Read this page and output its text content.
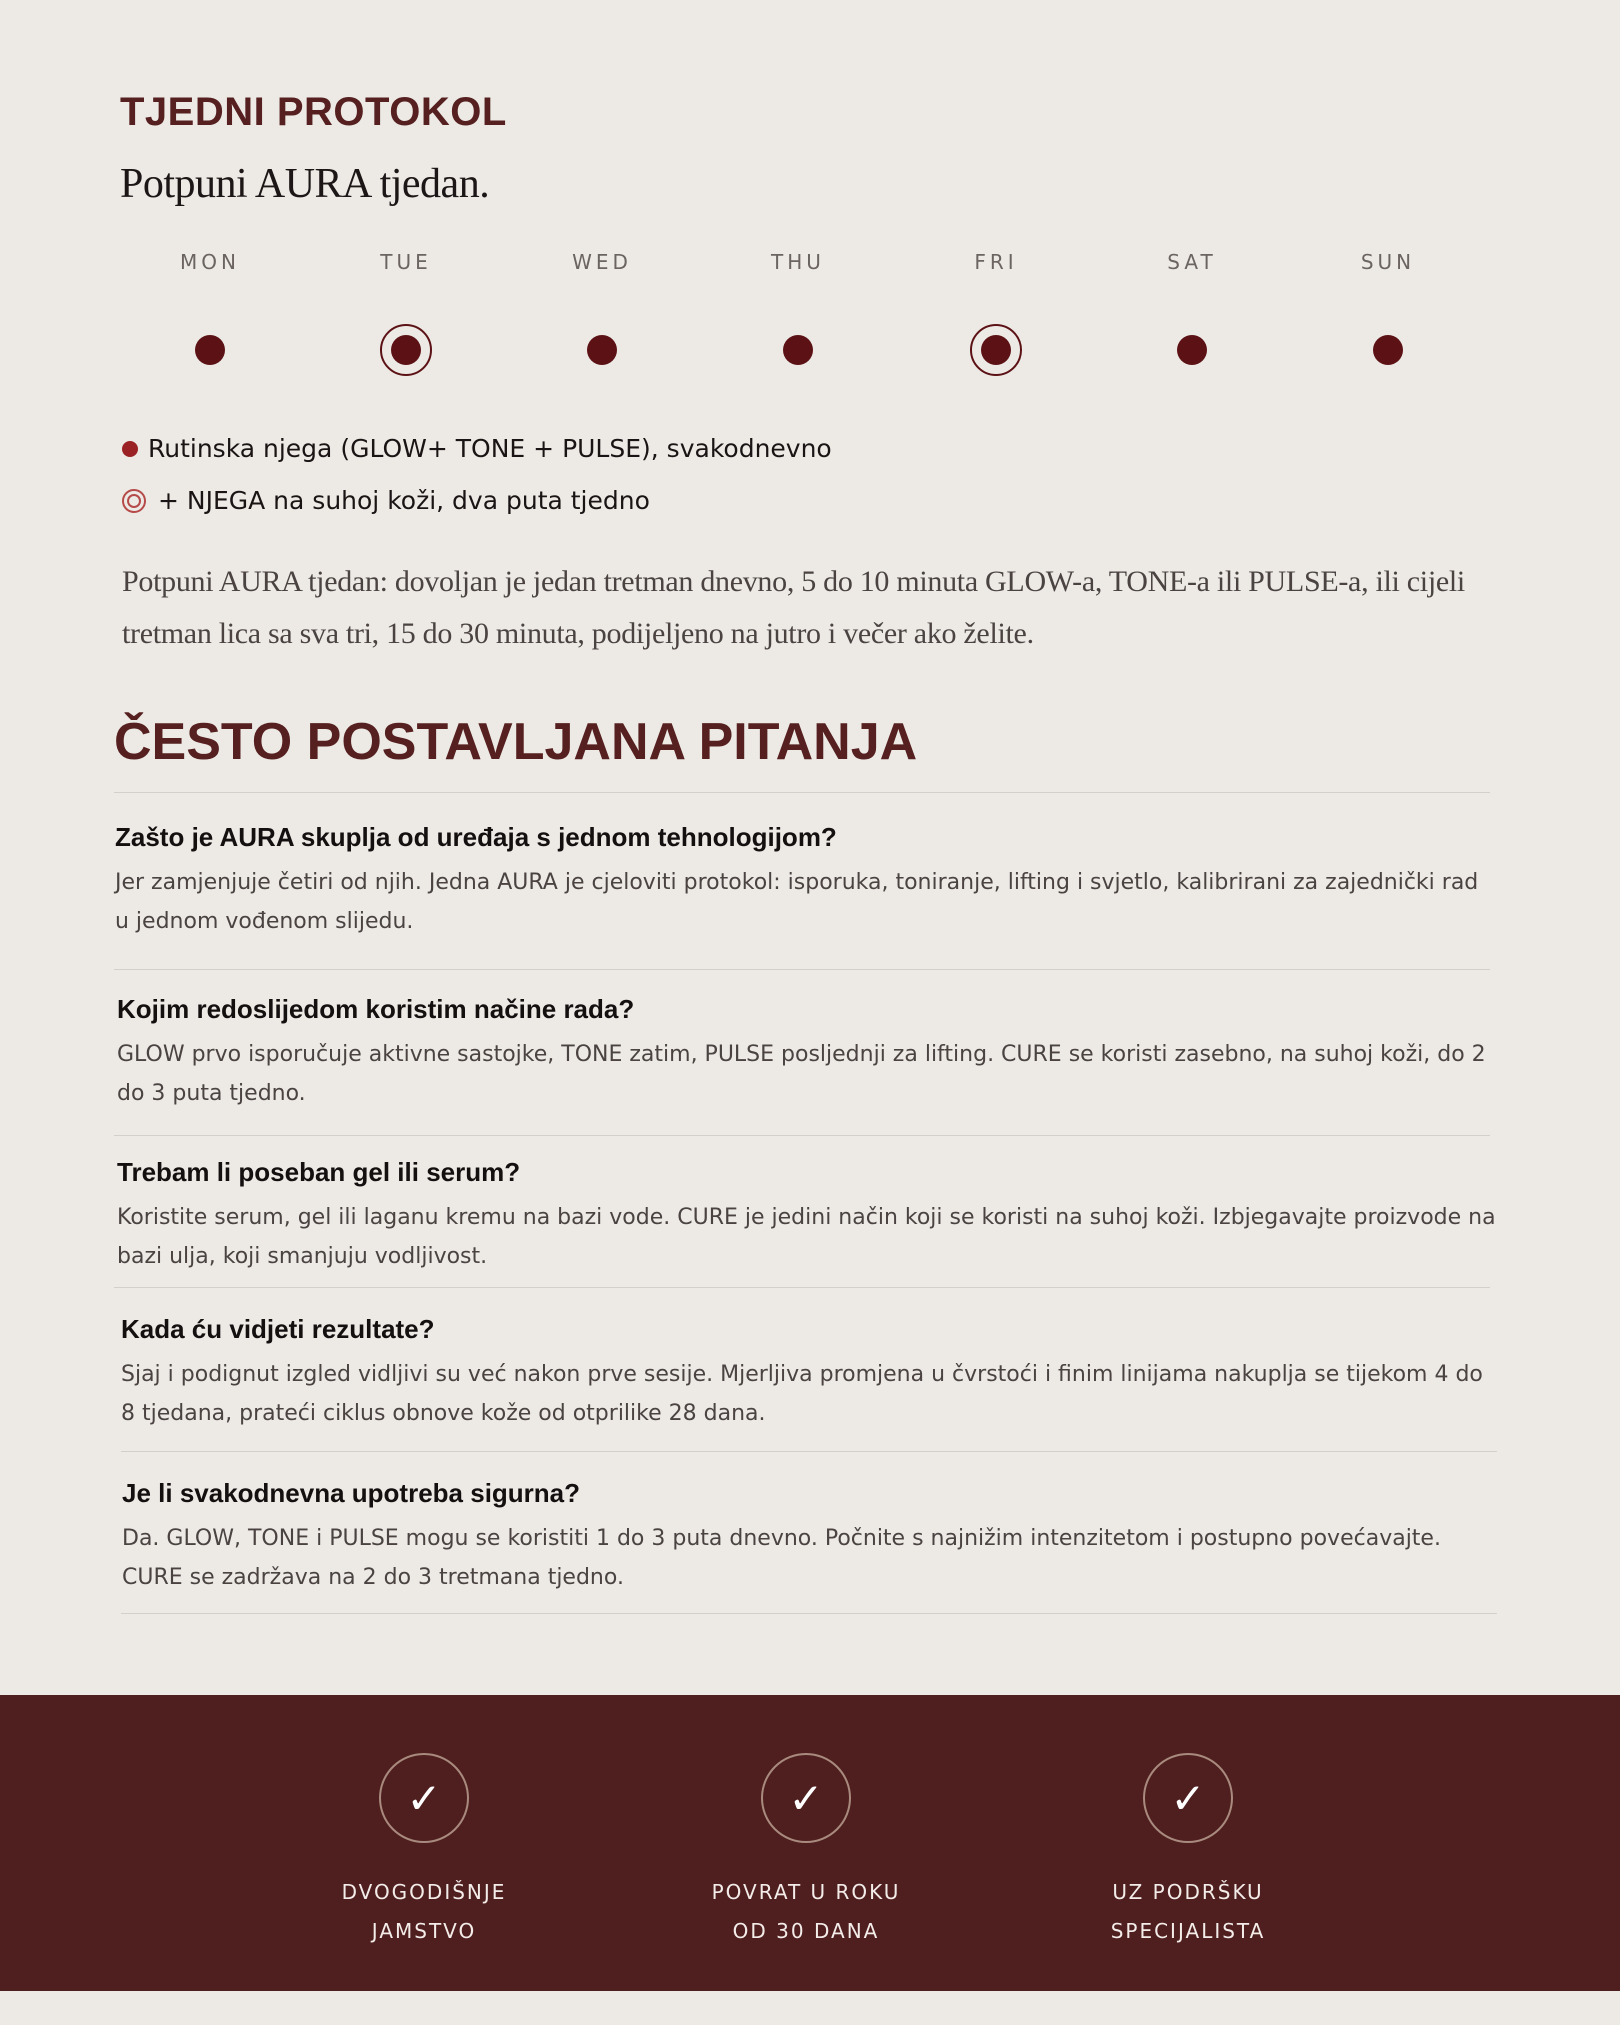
TJEDNI PROTOKOL
Potpuni AURA tjedan.
MON	TUE	WED	THU	FRI	SAT	SUN
Rutinska njega (GLOW+ TONE + PULSE), svakodnevno
+ NJEGA na suhoj koži, dva puta tjedno
Potpuni AURA tjedan: dovoljan je jedan tretman dnevno, 5 do 10 minuta GLOW-a, TONE-a ili PULSE-a, ili cijeli tretman lica sa sva tri, 15 do 30 minuta, podijeljeno na jutro i večer ako želite.
ČESTO POSTAVLJANA PITANJA
Zašto je AURA skuplja od uređaja s jednom tehnologijom?
Jer zamjenjuje četiri od njih. Jedna AURA je cjeloviti protokol: isporuka, toniranje, lifting i svjetlo, kalibrirani za zajednički rad u jednom vođenom slijedu.
Kojim redoslijedom koristim načine rada?
GLOW prvo isporučuje aktivne sastojke, TONE zatim, PULSE posljednji za lifting. CURE se koristi zasebno, na suhoj koži, do 2 do 3 puta tjedno.
Trebam li poseban gel ili serum?
Koristite serum, gel ili laganu kremu na bazi vode. CURE je jedini način koji se koristi na suhoj koži. Izbjegavajte proizvode na bazi ulja, koji smanjuju vodljivost.
Kada ću vidjeti rezultate?
Sjaj i podignut izgled vidljivi su već nakon prve sesije. Mjerljiva promjena u čvrstoći i finim linijama nakuplja se tijekom 4 do 8 tjedana, prateći ciklus obnove kože od otprilike 28 dana.
Je li svakodnevna upotreba sigurna?
Da. GLOW, TONE i PULSE mogu se koristiti 1 do 3 puta dnevno. Počnite s najnižim intenzitetom i postupno povećavajte. CURE se zadržava na 2 do 3 tretmana tjedno.
✓
DVOGODIŠNJE
JAMSTVO
✓
POVRAT U ROKU
OD 30 DANA
✓
UZ PODRŠKU
SPECIJALISTA
